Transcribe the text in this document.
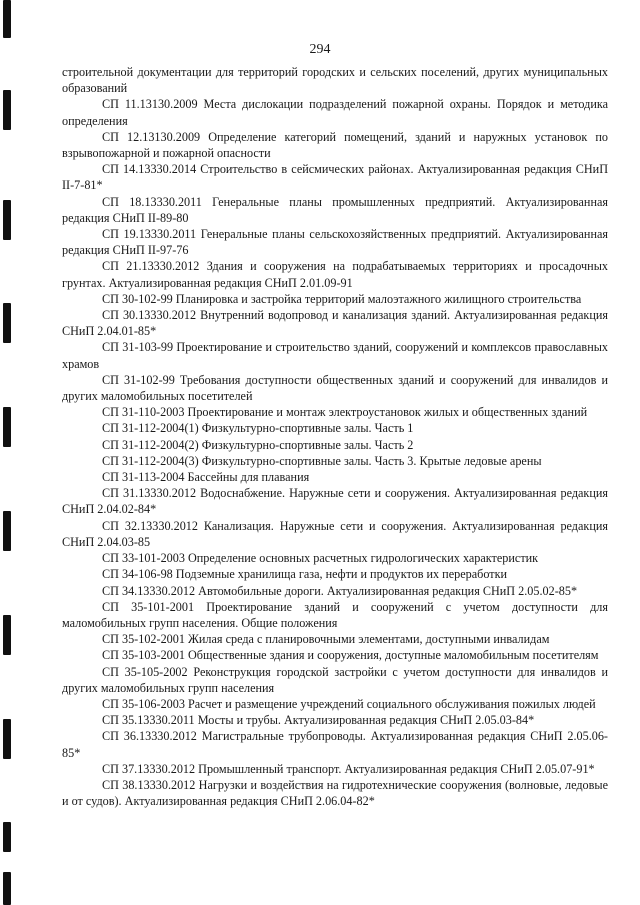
294

строительной документации для территорий городских и сельских поселений, других муниципальных образований

СП 11.13130.2009 Места дислокации подразделений пожарной охраны. Порядок и методика определения

СП 12.13130.2009 Определение категорий помещений, зданий и наружных установок по взрывопожарной и пожарной опасности

СП 14.13330.2014 Строительство в сейсмических районах. Актуализированная редакция СНиП II-7-81*

СП 18.13330.2011 Генеральные планы промышленных предприятий. Актуализированная редакция СНиП II-89-80

СП 19.13330.2011 Генеральные планы сельскохозяйственных предприятий. Актуализированная редакция СНиП II-97-76

СП 21.13330.2012 Здания и сооружения на подрабатываемых территориях и просадочных грунтах. Актуализированная редакция СНиП 2.01.09-91

СП 30-102-99 Планировка и застройка территорий малоэтажного жилищного строительства

СП 30.13330.2012 Внутренний водопровод и канализация зданий. Актуализированная редакция СНиП 2.04.01-85*

СП 31-103-99 Проектирование и строительство зданий, сооружений и комплексов православных храмов

СП 31-102-99 Требования доступности общественных зданий и сооружений для инвалидов и других маломобильных посетителей

СП 31-110-2003 Проектирование и монтаж электроустановок жилых и общественных зданий

СП 31-112-2004(1) Физкультурно-спортивные залы. Часть 1

СП 31-112-2004(2) Физкультурно-спортивные залы. Часть 2

СП 31-112-2004(3) Физкультурно-спортивные залы. Часть 3. Крытые ледовые арены

СП 31-113-2004 Бассейны для плавания

СП 31.13330.2012 Водоснабжение. Наружные сети и сооружения. Актуализированная редакция СНиП 2.04.02-84*

СП 32.13330.2012 Канализация. Наружные сети и сооружения. Актуализированная редакция СНиП 2.04.03-85

СП 33-101-2003 Определение основных расчетных гидрологических характеристик

СП 34-106-98 Подземные хранилища газа, нефти и продуктов их переработки

СП 34.13330.2012 Автомобильные дороги. Актуализированная редакция СНиП 2.05.02-85*

СП 35-101-2001 Проектирование зданий и сооружений с учетом доступности для маломобильных групп населения. Общие положения

СП 35-102-2001 Жилая среда с планировочными элементами, доступными инвалидам

СП 35-103-2001 Общественные здания и сооружения, доступные маломобильным посетителям

СП 35-105-2002 Реконструкция городской застройки с учетом доступности для инвалидов и других маломобильных групп населения

СП 35-106-2003 Расчет и размещение учреждений социального обслуживания пожилых людей

СП 35.13330.2011 Мосты и трубы. Актуализированная редакция СНиП 2.05.03-84*

СП 36.13330.2012 Магистральные трубопроводы. Актуализированная редакция СНиП 2.05.06-85*

СП 37.13330.2012 Промышленный транспорт. Актуализированная редакция СНиП 2.05.07-91*

СП 38.13330.2012 Нагрузки и воздействия на гидротехнические сооружения (волновые, ледовые и от судов). Актуализированная редакция СНиП 2.06.04-82*
